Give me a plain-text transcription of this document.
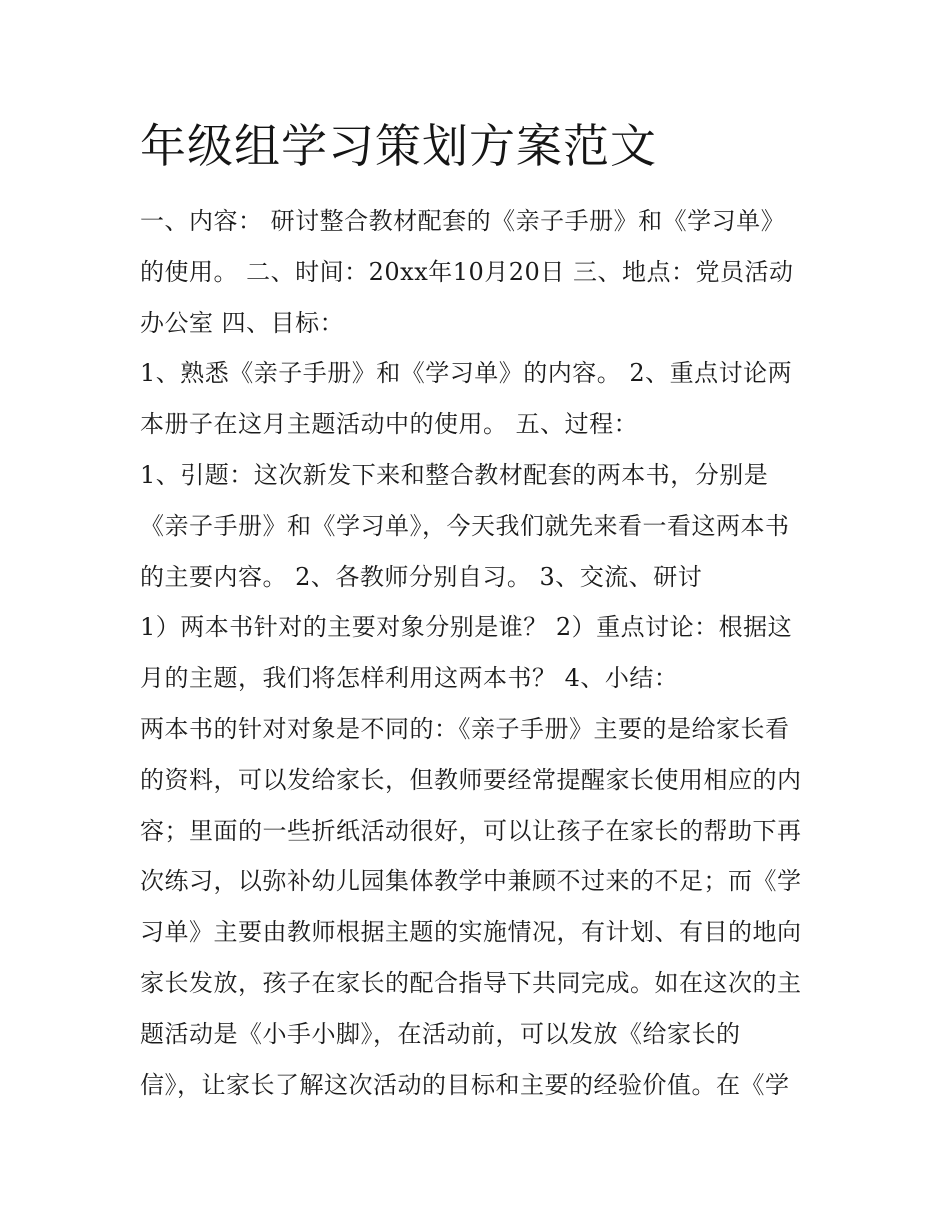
年级组学习策划方案范文
一、内容： 研讨整合教材配套的《亲子手册》和《学习单》
的使用。 二、时间：20xx年10月20日 三、地点：党员活动
办公室 四、目标：
1、熟悉《亲子手册》和《学习单》的内容。 2、重点讨论两
本册子在这月主题活动中的使用。 五、过程：
1、引题：这次新发下来和整合教材配套的两本书，分别是
《亲子手册》和《学习单》，今天我们就先来看一看这两本书
的主要内容。 2、各教师分别自习。 3、交流、研讨
1）两本书针对的主要对象分别是谁？ 2）重点讨论：根据这
月的主题，我们将怎样利用这两本书？ 4、小结：
两本书的针对对象是不同的：《亲子手册》主要的是给家长看
的资料，可以发给家长，但教师要经常提醒家长使用相应的内
容；里面的一些折纸活动很好，可以让孩子在家长的帮助下再
次练习，以弥补幼儿园集体教学中兼顾不过来的不足；而《学
习单》主要由教师根据主题的实施情况，有计划、有目的地向
家长发放，孩子在家长的配合指导下共同完成。如在这次的主
题活动是《小手小脚》，在活动前，可以发放《给家长的
信》，让家长了解这次活动的目标和主要的经验价值。在《学
